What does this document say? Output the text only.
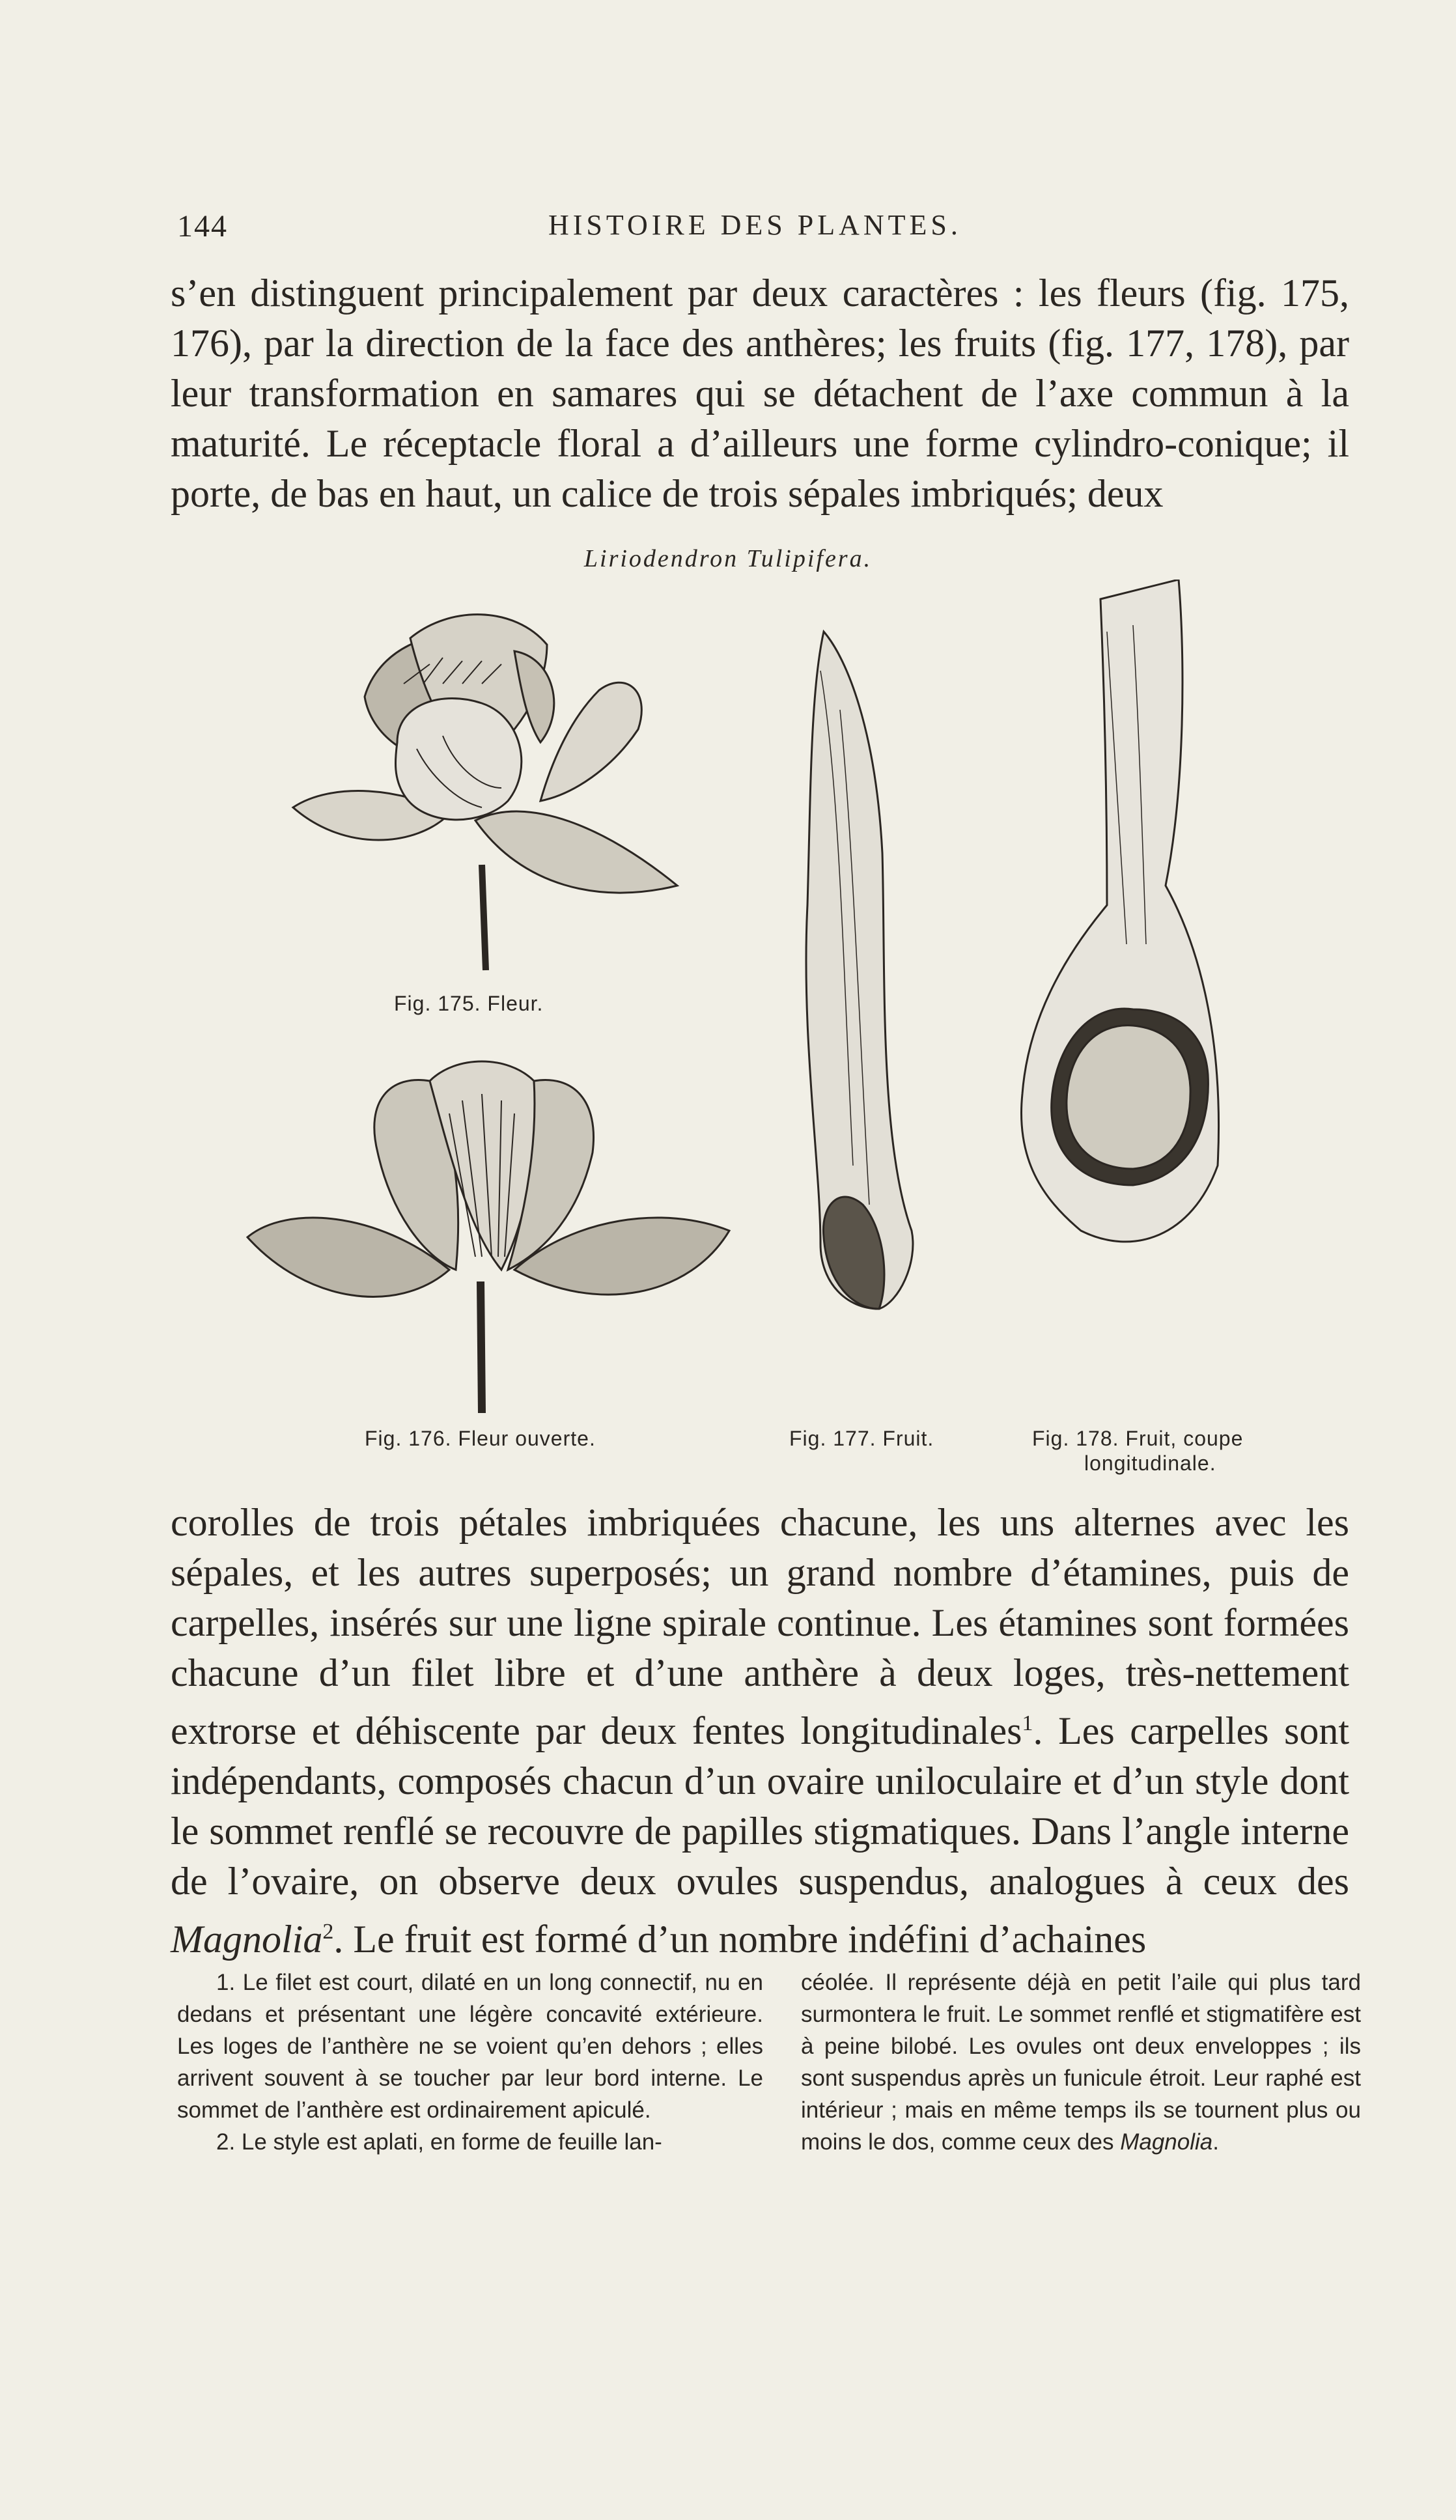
144	HISTOIRE DES PLANTES.
s’en distinguent principalement par deux caractères : les fleurs (fig. 175, 176), par la direction de la face des anthères; les fruits (fig. 177, 178), par leur transformation en samares qui se détachent de l’axe commun à la maturité. Le réceptacle floral a d’ailleurs une forme cylindro-conique; il porte, de bas en haut, un calice de trois sépales imbriqués; deux
Liriodendron Tulipifera.
Fig. 175. Fleur.
Fig. 176. Fleur ouverte.	Fig. 177. Fruit.	Fig. 178. Fruit, coupe
longitudinale.
corolles de trois pétales imbriquées chacune, les uns alternes avec les sépales, et les autres superposés; un grand nombre d’étamines, puis de carpelles, insérés sur une ligne spirale continue. Les étamines sont formées chacune d’un filet libre et d’une anthère à deux loges, très-nettement extrorse et déhiscente par deux fentes longitudinales$^1$. Les carpelles sont indépendants, composés chacun d’un ovaire uniloculaire et d’un style dont le sommet renflé se recouvre de papilles stigmatiques. Dans l’angle interne de l’ovaire, on observe deux ovules suspendus, analogues à ceux des Magnolia$^2$. Le fruit est formé d’un nombre indéfini d’achaines

1. Le filet est court, dilaté en un long connectif, nu en dedans et présentant une légère concavité extérieure. Les loges de l’anthère ne se voient qu’en dehors ; elles arrivent souvent à se toucher par leur bord interne. Le sommet de l’anthère est ordinairement apiculé.

2. Le style est aplati, en forme de feuille lan-

céolée. Il représente déjà en petit l’aile qui plus tard surmontera le fruit. Le sommet renflé et stigmatifère est à peine bilobé. Les ovules ont deux enveloppes ; ils sont suspendus après un funicule étroit. Leur raphé est intérieur ; mais en même temps ils se tournent plus ou moins le dos, comme ceux des Magnolia.
